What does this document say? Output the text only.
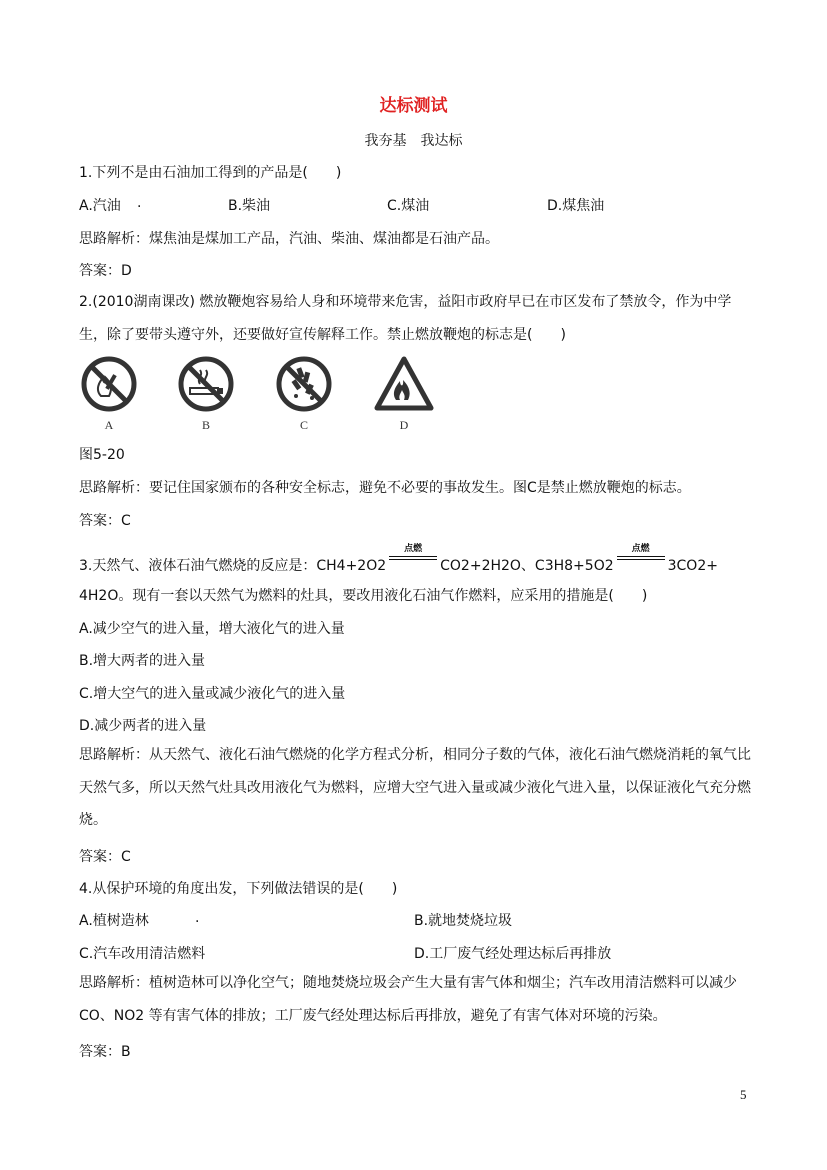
达标测试
我夯基　我达标
1.下列不是由石油加工得到的产品是(　　)
A.汽油 .	B.柴油	C.煤油	D.煤焦油
思路解析：煤焦油是煤加工产品，汽油、柴油、煤油都是石油产品。
答案：D
2.(2010湖南课改) 燃放鞭炮容易给人身和环境带来危害，益阳市政府早已在市区发布了禁放令，作为中学生，除了要带头遵守外，还要做好宣传解释工作。禁止燃放鞭炮的标志是(　　)
A	B	C	D
图5-20
思路解析：要记住国家颁布的各种安全标志，避免不必要的事故发生。图C是禁止燃放鞭炮的标志。
答案：C
3.天然气、液体石油气燃烧的反应是：CH4+2O2
点燃
CO2+2H2O、C3H8+5O2
点燃
3CO2+
4H2O。现有一套以天然气为燃料的灶具，要改用液化石油气作燃料，应采用的措施是(　　)
A.减少空气的进入量，增大液化气的进入量
B.增大两者的进入量
C.增大空气的进入量或减少液化气的进入量
D.减少两者的进入量
思路解析：从天然气、液化石油气燃烧的化学方程式分析，相同分子数的气体，液化石油气燃烧消耗的氧气比天然气多，所以天然气灶具改用液化气为燃料，应增大空气进入量或减少液化气进入量，以保证液化气充分燃烧。
答案：C
4.从保护环境的角度出发，下列做法错误的是(　　)
A.植树造林	.	B.就地焚烧垃圾
C.汽车改用清洁燃料	D.工厂废气经处理达标后再排放
思路解析：植树造林可以净化空气；随地焚烧垃圾会产生大量有害气体和烟尘；汽车改用清洁燃料可以减少CO、NO2 等有害气体的排放；工厂废气经处理达标后再排放，避免了有害气体对环境的污染。
答案：B
5
